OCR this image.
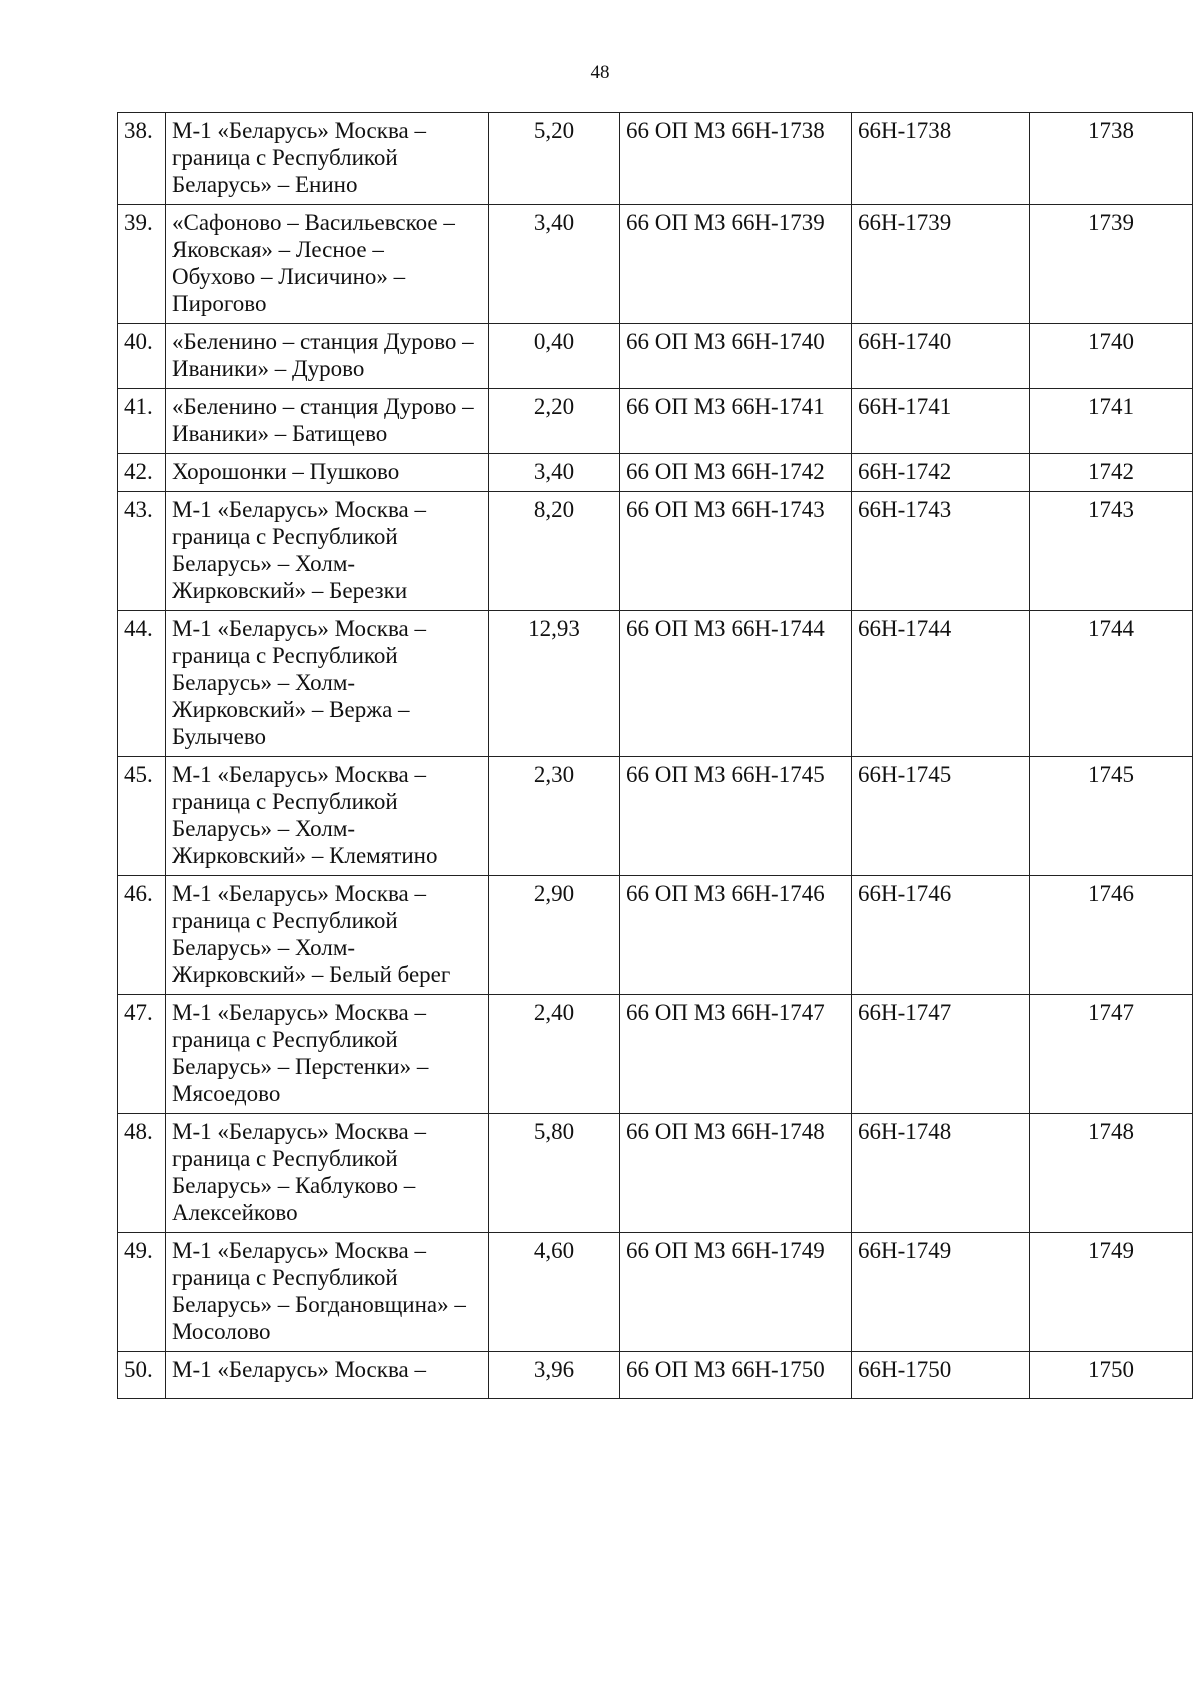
48
38.	М-1 «Беларусь» Москва –
граница с Республикой
Беларусь» – Енино	5,20	66 ОП МЗ 66Н-1738	66Н-1738	1738
39.	«Сафоново – Васильевское –
Яковская» – Лесное –
Обухово – Лисичино» –
Пирогово	3,40	66 ОП МЗ 66Н-1739	66Н-1739	1739
40.	«Беленино – станция Дурово –
Иваники» – Дурово	0,40	66 ОП МЗ 66Н-1740	66Н-1740	1740
41.	«Беленино – станция Дурово –
Иваники» – Батищево	2,20	66 ОП МЗ 66Н-1741	66Н-1741	1741
42.	Хорошонки – Пушково	3,40	66 ОП МЗ 66Н-1742	66Н-1742	1742
43.	М-1 «Беларусь» Москва –
граница с Республикой
Беларусь» – Холм-
Жирковский» – Березки	8,20	66 ОП МЗ 66Н-1743	66Н-1743	1743
44.	М-1 «Беларусь» Москва –
граница с Республикой
Беларусь» – Холм-
Жирковский» – Вержа –
Булычево	12,93	66 ОП МЗ 66Н-1744	66Н-1744	1744
45.	М-1 «Беларусь» Москва –
граница с Республикой
Беларусь» – Холм-
Жирковский» – Клемятино	2,30	66 ОП МЗ 66Н-1745	66Н-1745	1745
46.	М-1 «Беларусь» Москва –
граница с Республикой
Беларусь» – Холм-
Жирковский» – Белый берег	2,90	66 ОП МЗ 66Н-1746	66Н-1746	1746
47.	М-1 «Беларусь» Москва –
граница с Республикой
Беларусь» – Перстенки» –
Мясоедово	2,40	66 ОП МЗ 66Н-1747	66Н-1747	1747
48.	М-1 «Беларусь» Москва –
граница с Республикой
Беларусь» – Каблуково –
Алексейково	5,80	66 ОП МЗ 66Н-1748	66Н-1748	1748
49.	М-1 «Беларусь» Москва –
граница с Республикой
Беларусь» – Богдановщина» –
Мосолово	4,60	66 ОП МЗ 66Н-1749	66Н-1749	1749
50.	М-1 «Беларусь» Москва –	3,96	66 ОП МЗ 66Н-1750	66Н-1750	1750
